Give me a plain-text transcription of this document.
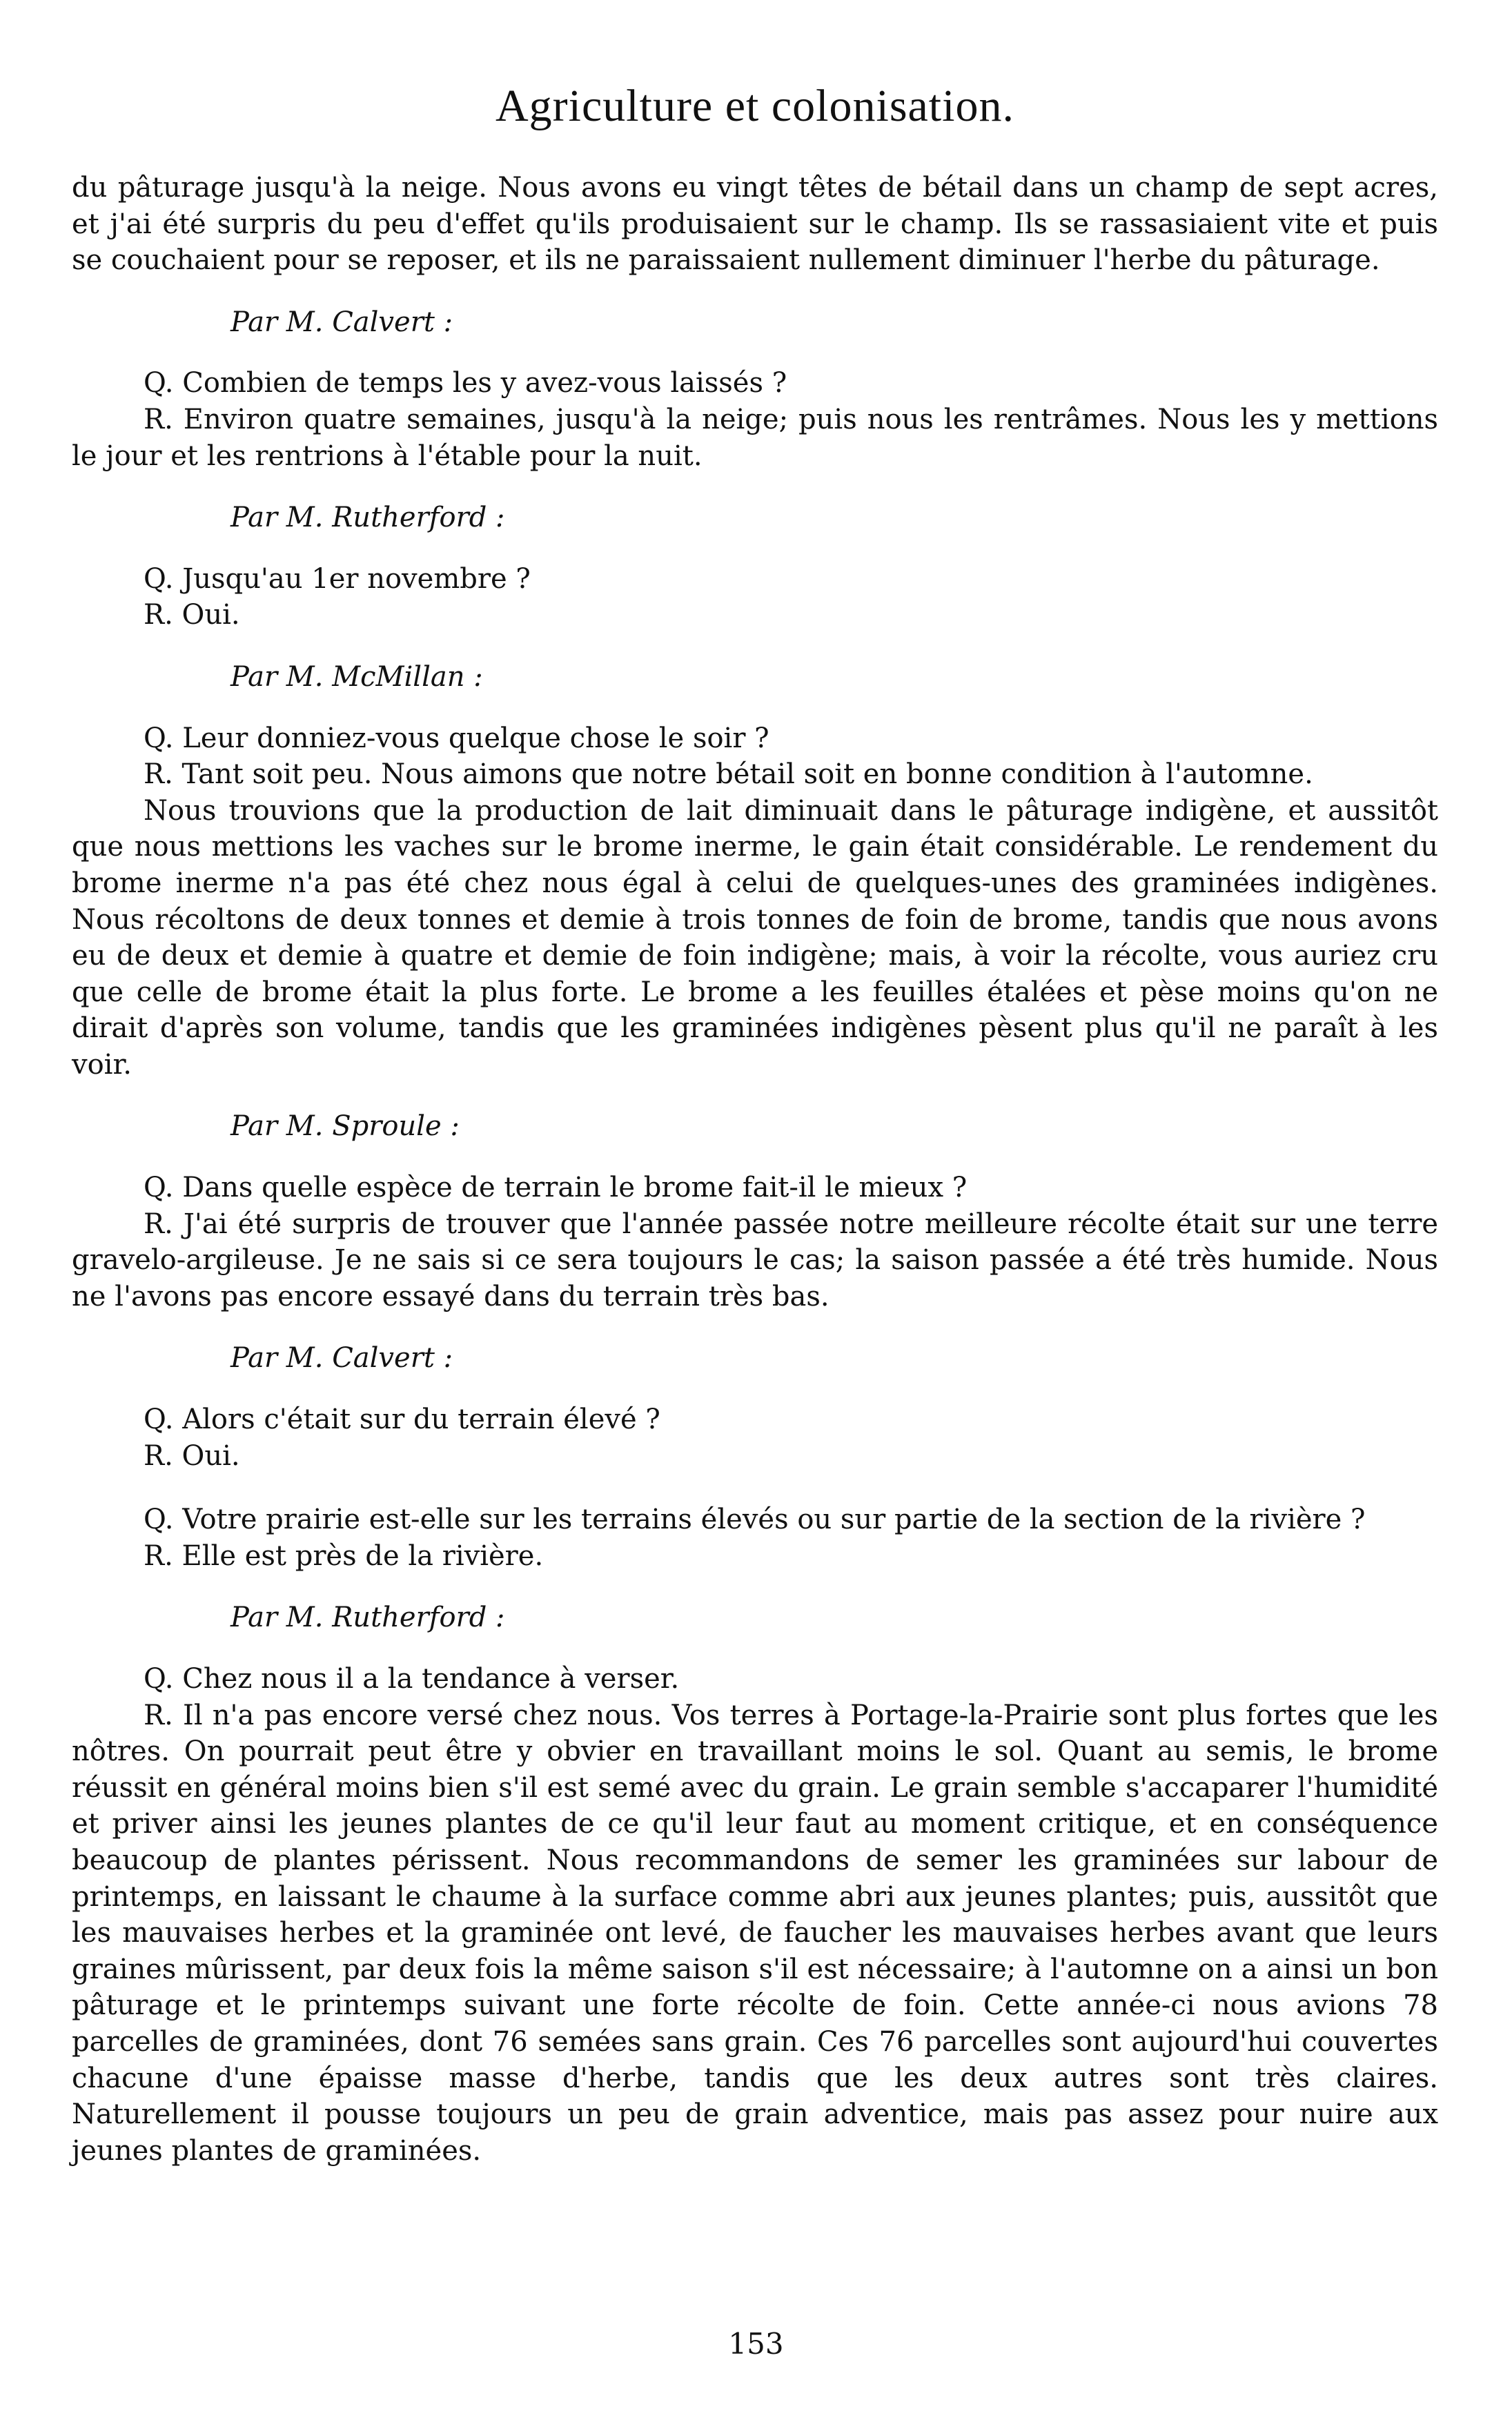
Agriculture et colonisation.

du pâturage jusqu'à la neige. Nous avons eu vingt têtes de bétail dans un champ de sept acres, et j'ai été surpris du peu d'effet qu'ils produisaient sur le champ. Ils se rassasiaient vite et puis se couchaient pour se reposer, et ils ne paraissaient nullement diminuer l'herbe du pâturage.

Par M. Calvert :

Q. Combien de temps les y avez-vous laissés ?

R. Environ quatre semaines, jusqu'à la neige; puis nous les rentrâmes. Nous les y mettions le jour et les rentrions à l'étable pour la nuit.

Par M. Rutherford :

Q. Jusqu'au 1er novembre ?

R. Oui.

Par M. McMillan :

Q. Leur donniez-vous quelque chose le soir ?

R. Tant soit peu. Nous aimons que notre bétail soit en bonne condition à l'automne.

Nous trouvions que la production de lait diminuait dans le pâturage indigène, et aussitôt que nous mettions les vaches sur le brome inerme, le gain était considérable. Le rendement du brome inerme n'a pas été chez nous égal à celui de quelques-unes des graminées indigènes. Nous récoltons de deux tonnes et demie à trois tonnes de foin de brome, tandis que nous avons eu de deux et demie à quatre et demie de foin indigène; mais, à voir la récolte, vous auriez cru que celle de brome était la plus forte. Le brome a les feuilles étalées et pèse moins qu'on ne dirait d'après son volume, tandis que les graminées indigènes pèsent plus qu'il ne paraît à les voir.

Par M. Sproule :

Q. Dans quelle espèce de terrain le brome fait-il le mieux ?

R. J'ai été surpris de trouver que l'année passée notre meilleure récolte était sur une terre gravelo-argileuse. Je ne sais si ce sera toujours le cas; la saison passée a été très humide. Nous ne l'avons pas encore essayé dans du terrain très bas.

Par M. Calvert :

Q. Alors c'était sur du terrain élevé ?

R. Oui.

Q. Votre prairie est-elle sur les terrains élevés ou sur partie de la section de la rivière ?

R. Elle est près de la rivière.

Par M. Rutherford :

Q. Chez nous il a la tendance à verser.

R. Il n'a pas encore versé chez nous. Vos terres à Portage-la-Prairie sont plus fortes que les nôtres. On pourrait peut être y obvier en travaillant moins le sol. Quant au semis, le brome réussit en général moins bien s'il est semé avec du grain. Le grain semble s'accaparer l'humidité et priver ainsi les jeunes plantes de ce qu'il leur faut au moment critique, et en conséquence beaucoup de plantes périssent. Nous recommandons de semer les graminées sur labour de printemps, en laissant le chaume à la surface comme abri aux jeunes plantes; puis, aussitôt que les mauvaises herbes et la graminée ont levé, de faucher les mauvaises herbes avant que leurs graines mûrissent, par deux fois la même saison s'il est nécessaire; à l'automne on a ainsi un bon pâturage et le printemps suivant une forte récolte de foin. Cette année-ci nous avions 78 parcelles de graminées, dont 76 semées sans grain. Ces 76 parcelles sont aujourd'hui couvertes chacune d'une épaisse masse d'herbe, tandis que les deux autres sont très claires. Naturellement il pousse toujours un peu de grain adventice, mais pas assez pour nuire aux jeunes plantes de graminées.

153
